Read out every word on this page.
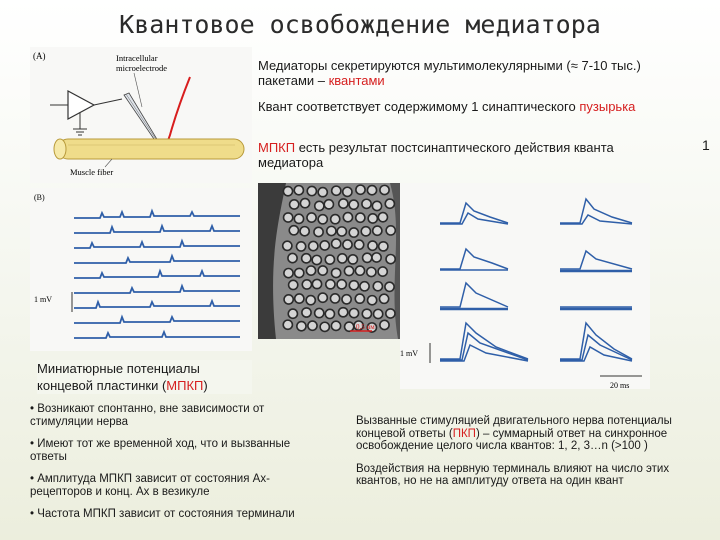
Квантовое освобождение медиатора
1
(A)	Intracellular
microelectrode
Muscle fiber
(B)
1 mV
0,5 нм
1 mV
20 ms
Медиаторы секретируются мультимолекулярными (≈ 7-10 тыс.) пакетами – квантами
Квант соответствует содержимому 1 синаптического пузырька
МПКП есть результат постсинаптического действия кванта медиатора
Миниатюрные потенциалы концевой пластинки (МПКП)

• Возникают спонтанно, вне зависимости от стимуляции нерва

• Имеют тот же временной ход, что и вызванные ответы

• Амплитуда МПКП зависит от состояния Ах-рецепторов и конц. Ах в везикуле

• Частота МПКП зависит от состояния терминали

Вызванные стимуляцией двигательного нерва потенциалы концевой ответы (ПКП) – суммарный ответ на синхронное освобождение целого числа квантов: 1, 2, 3…n (>100 )

Воздействия на нервную терминаль влияют на число этих квантов, но не на амплитуду ответа на один квант
